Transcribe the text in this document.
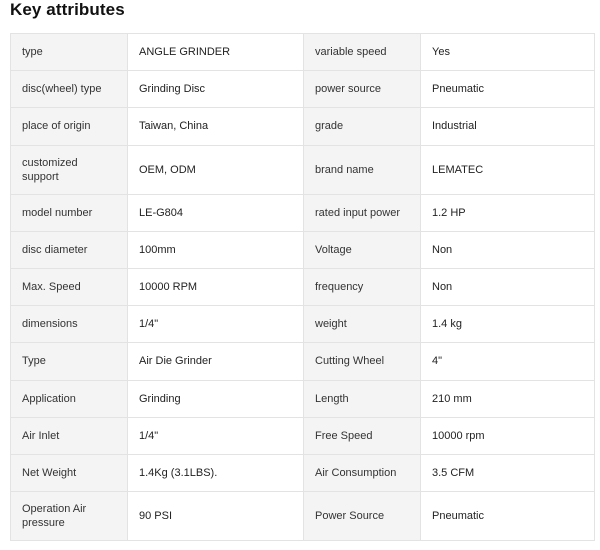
Key attributes
type	ANGLE GRINDER	variable speed	Yes
disc(wheel) type	Grinding Disc	power source	Pneumatic
place of origin	Taiwan, China	grade	Industrial
customized support	OEM, ODM	brand name	LEMATEC
model number	LE-G804	rated input power	1.2 HP
disc diameter	100mm	Voltage	Non
Max. Speed	10000 RPM	frequency	Non
dimensions	1/4"	weight	1.4 kg
Type	Air Die Grinder	Cutting Wheel	4"
Application	Grinding	Length	210 mm
Air Inlet	1/4"	Free Speed	10000 rpm
Net Weight	1.4Kg (3.1LBS).	Air Consumption	3.5 CFM
Operation Air pressure	90 PSI	Power Source	Pneumatic
